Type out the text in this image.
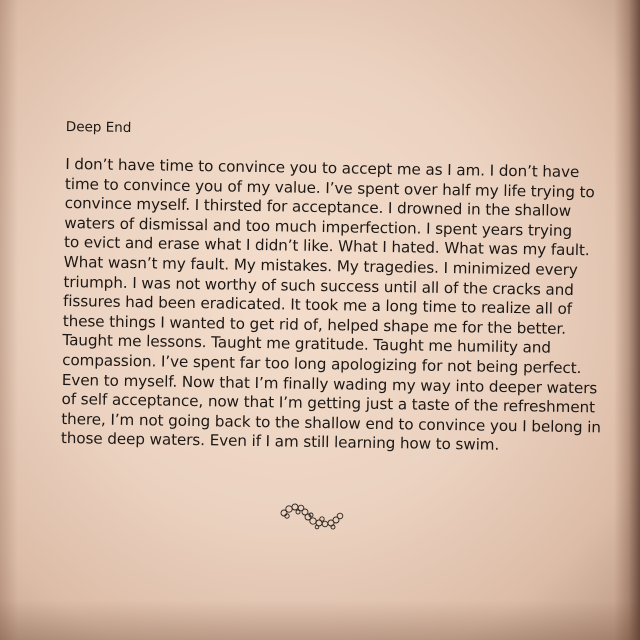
Deep End
I don’t have time to convince you to accept me as I am. I don’t have
time to convince you of my value. I’ve spent over half my life trying to
convince myself. I thirsted for acceptance. I drowned in the shallow
waters of dismissal and too much imperfection. I spent years trying
to evict and erase what I didn’t like. What I hated. What was my fault.
What wasn’t my fault. My mistakes. My tragedies. I minimized every
triumph. I was not worthy of such success until all of the cracks and
fissures had been eradicated. It took me a long time to realize all of
these things I wanted to get rid of, helped shape me for the better.
Taught me lessons. Taught me gratitude. Taught me humility and
compassion. I’ve spent far too long apologizing for not being perfect.
Even to myself. Now that I’m finally wading my way into deeper waters
of self acceptance, now that I’m getting just a taste of the refreshment
there, I’m not going back to the shallow end to convince you I belong in
those deep waters. Even if I am still learning how to swim.
